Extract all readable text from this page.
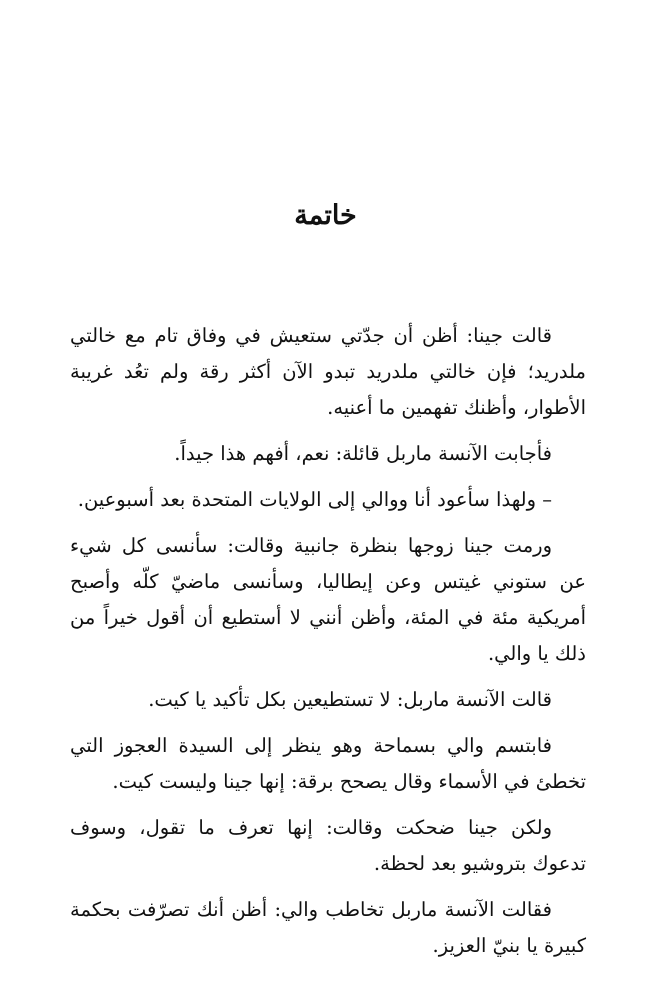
خاتمة

قالت جينا: أظن أن جدّتي ستعيش في وفاق تام مع خالتي ملدريد؛ فإن خالتي ملدريد تبدو الآن أكثر رقة ولم تعُد غريبة الأطوار، وأظنك تفهمين ما أعنيه.

فأجابت الآنسة ماربل قائلة: نعم، أفهم هذا جيداً.

– ولهذا سأعود أنا ووالي إلى الولايات المتحدة بعد أسبوعين.

ورمت جينا زوجها بنظرة جانبية وقالت: سأنسى كل شيء عن ستوني غيتس وعن إيطاليا، وسأنسى ماضيّ كلّه وأصبح أمريكية مئة في المئة، وأظن أنني لا أستطيع أن أقول خيراً من ذلك يا والي.

قالت الآنسة ماربل: لا تستطيعين بكل تأكيد يا كيت.

فابتسم والي بسماحة وهو ينظر إلى السيدة العجوز التي تخطئ في الأسماء وقال يصحح برقة: إنها جينا وليست كيت.

ولكن جينا ضحكت وقالت: إنها تعرف ما تقول، وسوف تدعوك بتروشيو بعد لحظة.

فقالت الآنسة ماربل تخاطب والي: أظن أنك تصرّفت بحكمة كبيرة يا بنيّ العزيز.
